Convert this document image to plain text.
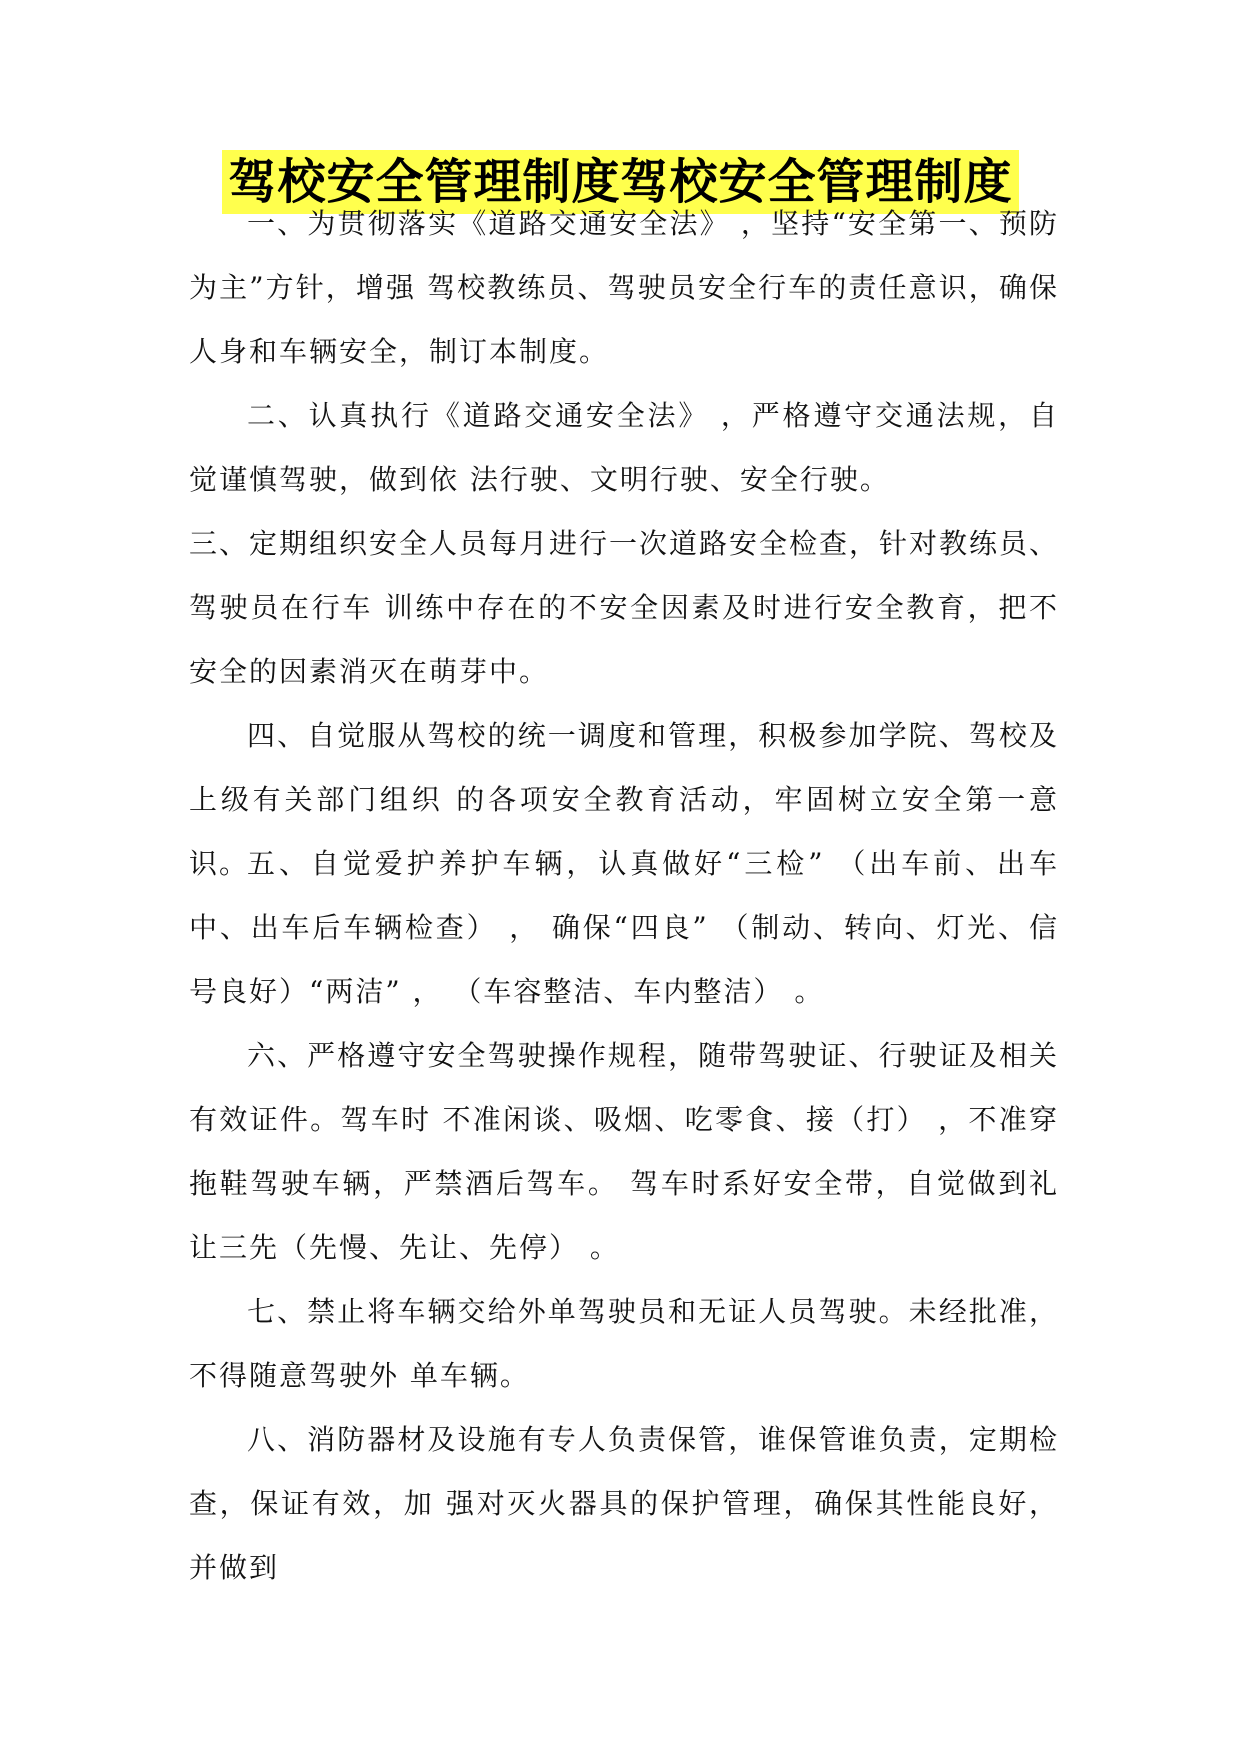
驾校安全管理制度驾校安全管理制度

一、为贯彻落实《道路交通安全法》 ，坚持“安全第一、预防为主”方针，增强 驾校教练员、驾驶员安全行车的责任意识，确保人身和车辆安全，制订本制度。

二、认真执行《道路交通安全法》 ，严格遵守交通法规，自觉谨慎驾驶，做到依 法行驶、文明行驶、安全行驶。

三、定期组织安全人员每月进行一次道路安全检查，针对教练员、驾驶员在行车 训练中存在的不安全因素及时进行安全教育，把不安全的因素消灭在萌芽中。

四、自觉服从驾校的统一调度和管理，积极参加学院、驾校及上级有关部门组织 的各项安全教育活动，牢固树立安全第一意识。

五、自觉爱护养护车辆，认真做好“三检” （出车前、出车中、出车后车辆检查） ， 确保“四良” （制动、转向、灯光、信号良好）“两洁” ， （车容整洁、车内整洁） 。

六、严格遵守安全驾驶操作规程，随带驾驶证、行驶证及相关有效证件。驾车时 不准闲谈、吸烟、吃零食、接（打） ，不准穿拖鞋驾驶车辆，严禁酒后驾车。 驾车时系好安全带，自觉做到礼让三先（先慢、先让、先停） 。

七、禁止将车辆交给外单驾驶员和无证人员驾驶。未经批准，不得随意驾驶外 单车辆。

八、消防器材及设施有专人负责保管，谁保管谁负责，定期检查，保证有效，加 强对灭火器具的保护管理，确保其性能良好，并做到
